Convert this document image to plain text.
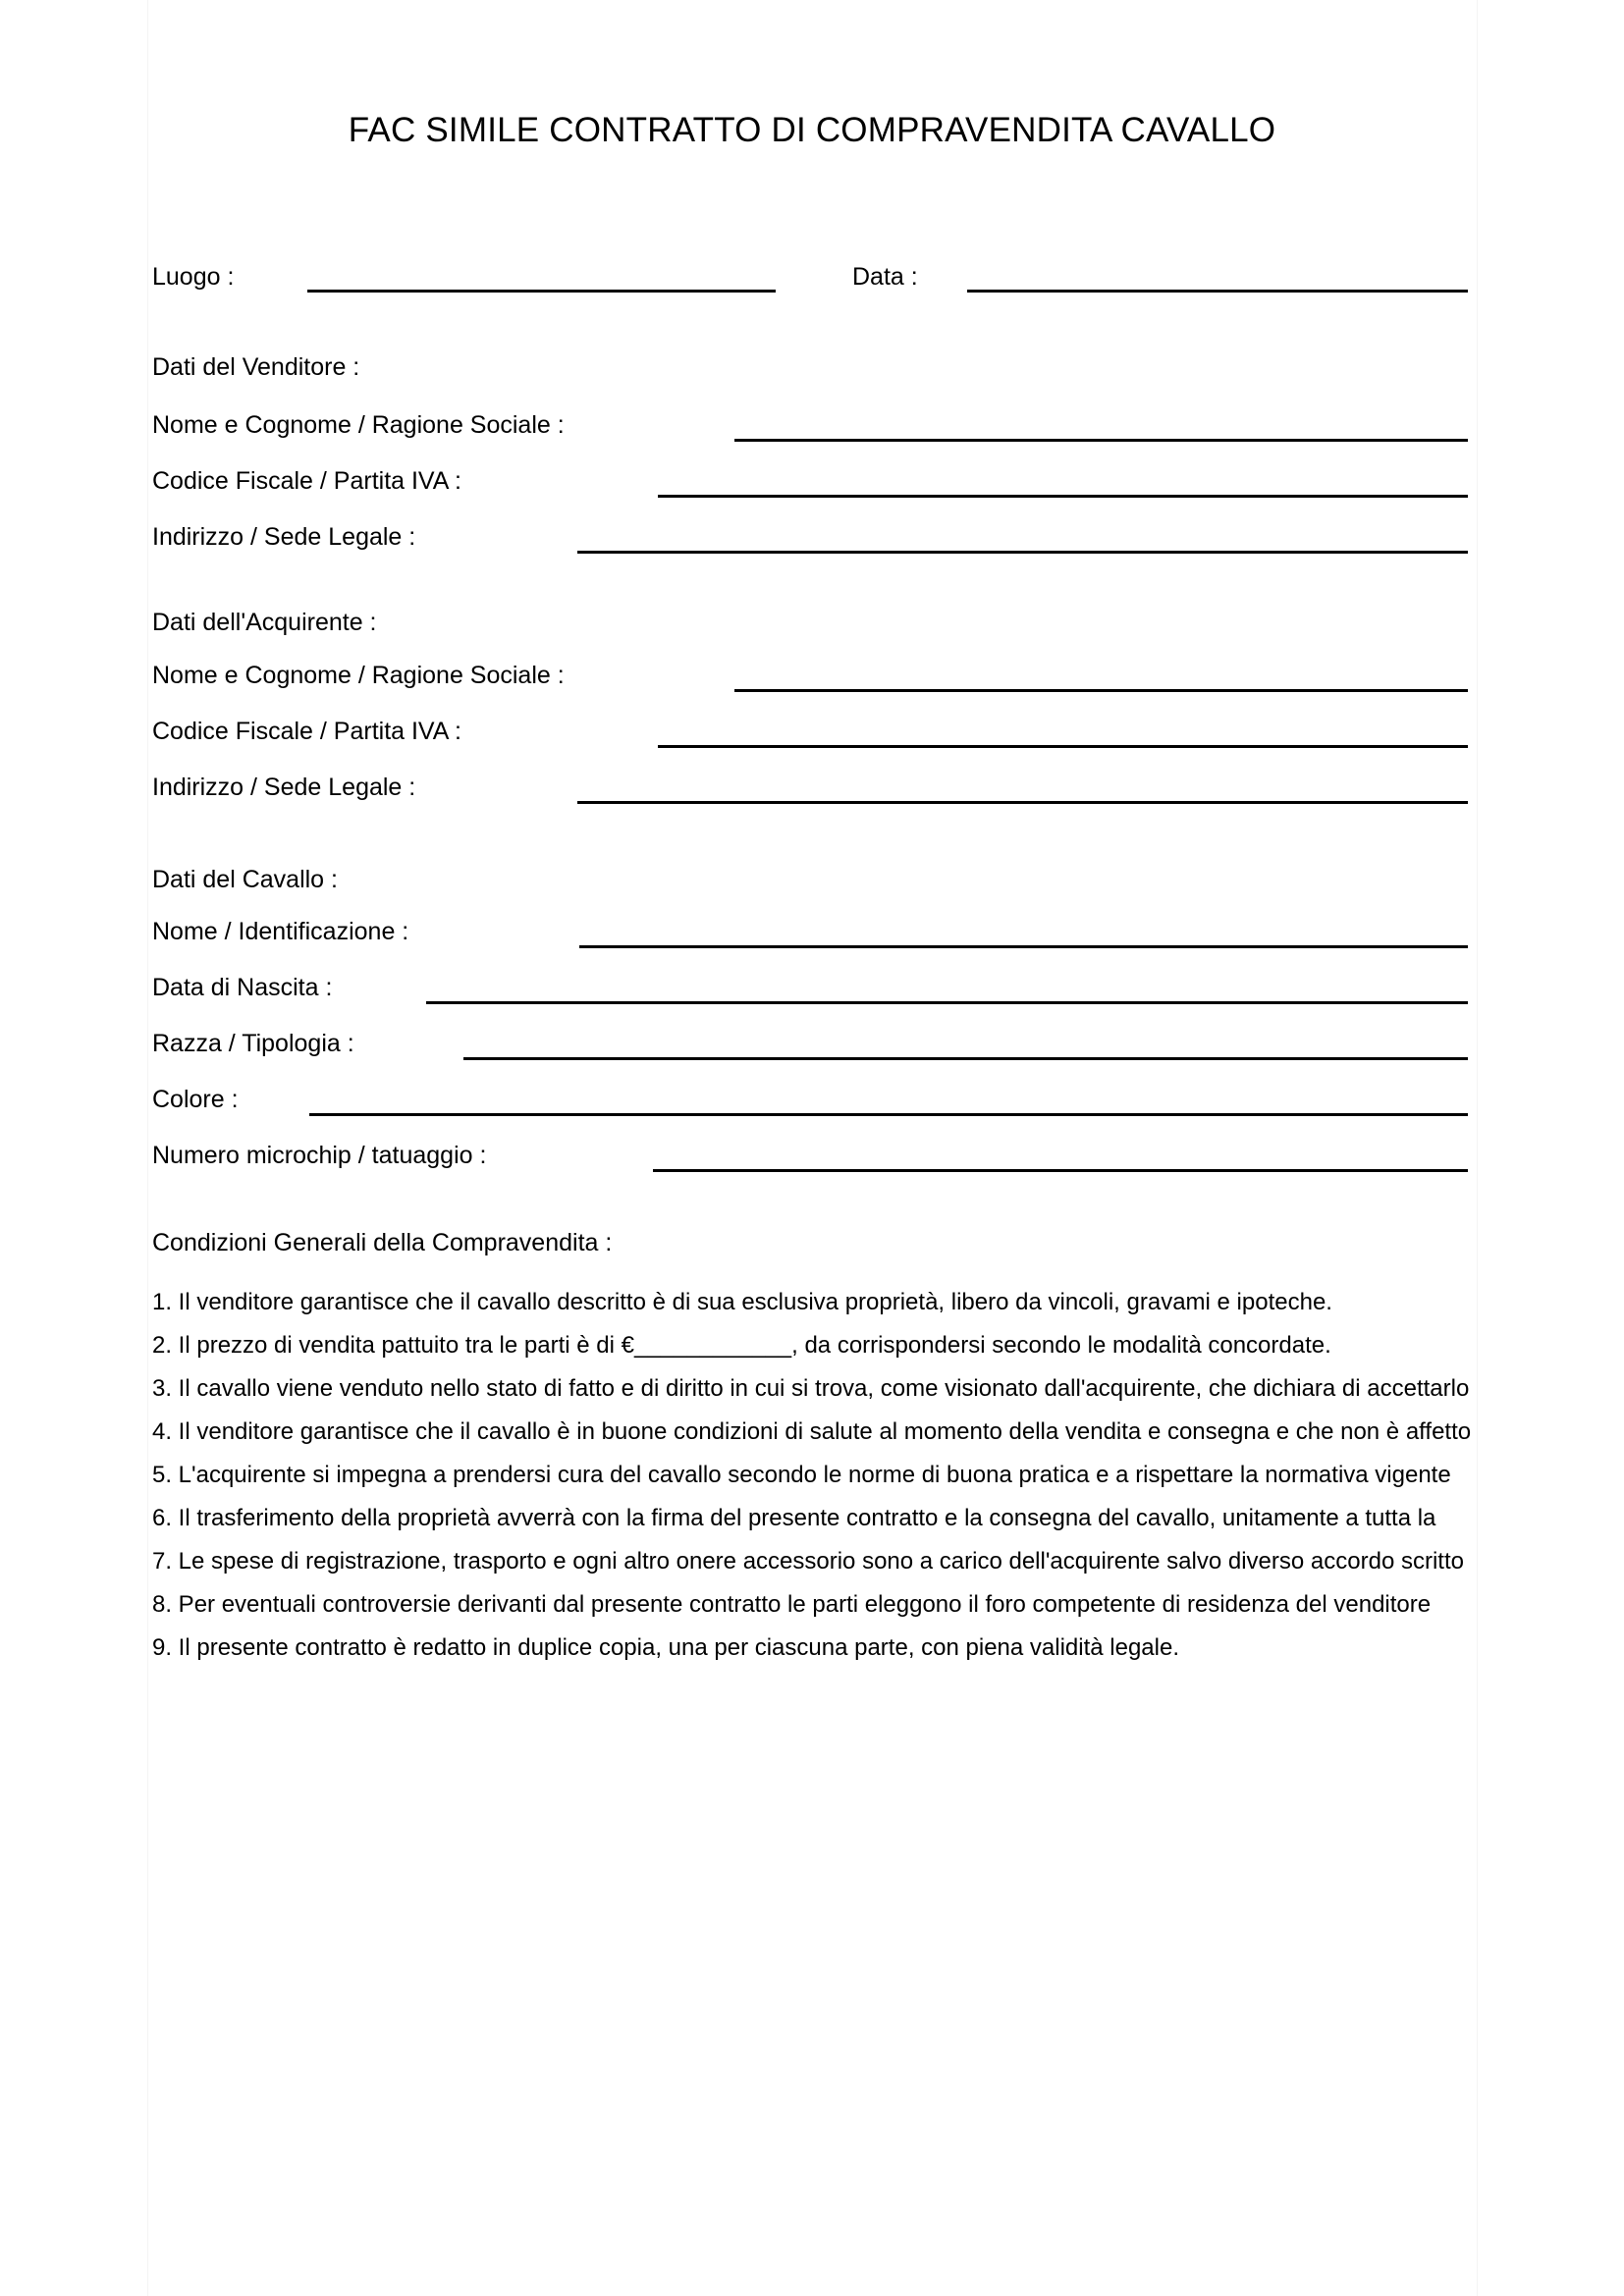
FAC SIMILE CONTRATTO DI COMPRAVENDITA CAVALLO
Luogo :	Data :
Dati del Venditore :
Nome e Cognome / Ragione Sociale :
Codice Fiscale / Partita IVA :
Indirizzo / Sede Legale :
Dati dell'Acquirente :
Nome e Cognome / Ragione Sociale :
Codice Fiscale / Partita IVA :
Indirizzo / Sede Legale :
Dati del Cavallo :
Nome / Identificazione :
Data di Nascita :
Razza / Tipologia :
Colore :
Numero microchip / tatuaggio :
Condizioni Generali della Compravendita :
1. Il venditore garantisce che il cavallo descritto è di sua esclusiva proprietà, libero da vincoli, gravami e ipoteche.
2. Il prezzo di vendita pattuito tra le parti è di €____________, da corrispondersi secondo le modalità concordate.
3. Il cavallo viene venduto nello stato di fatto e di diritto in cui si trova, come visionato dall'acquirente, che dichiara di accettarlo
4. Il venditore garantisce che il cavallo è in buone condizioni di salute al momento della vendita e consegna e che non è affetto
5. L'acquirente si impegna a prendersi cura del cavallo secondo le norme di buona pratica e a rispettare la normativa vigente
6. Il trasferimento della proprietà avverrà con la firma del presente contratto e la consegna del cavallo, unitamente a tutta la
7. Le spese di registrazione, trasporto e ogni altro onere accessorio sono a carico dell'acquirente salvo diverso accordo scritto
8. Per eventuali controversie derivanti dal presente contratto le parti eleggono il foro competente di residenza del venditore
9. Il presente contratto è redatto in duplice copia, una per ciascuna parte, con piena validità legale.
